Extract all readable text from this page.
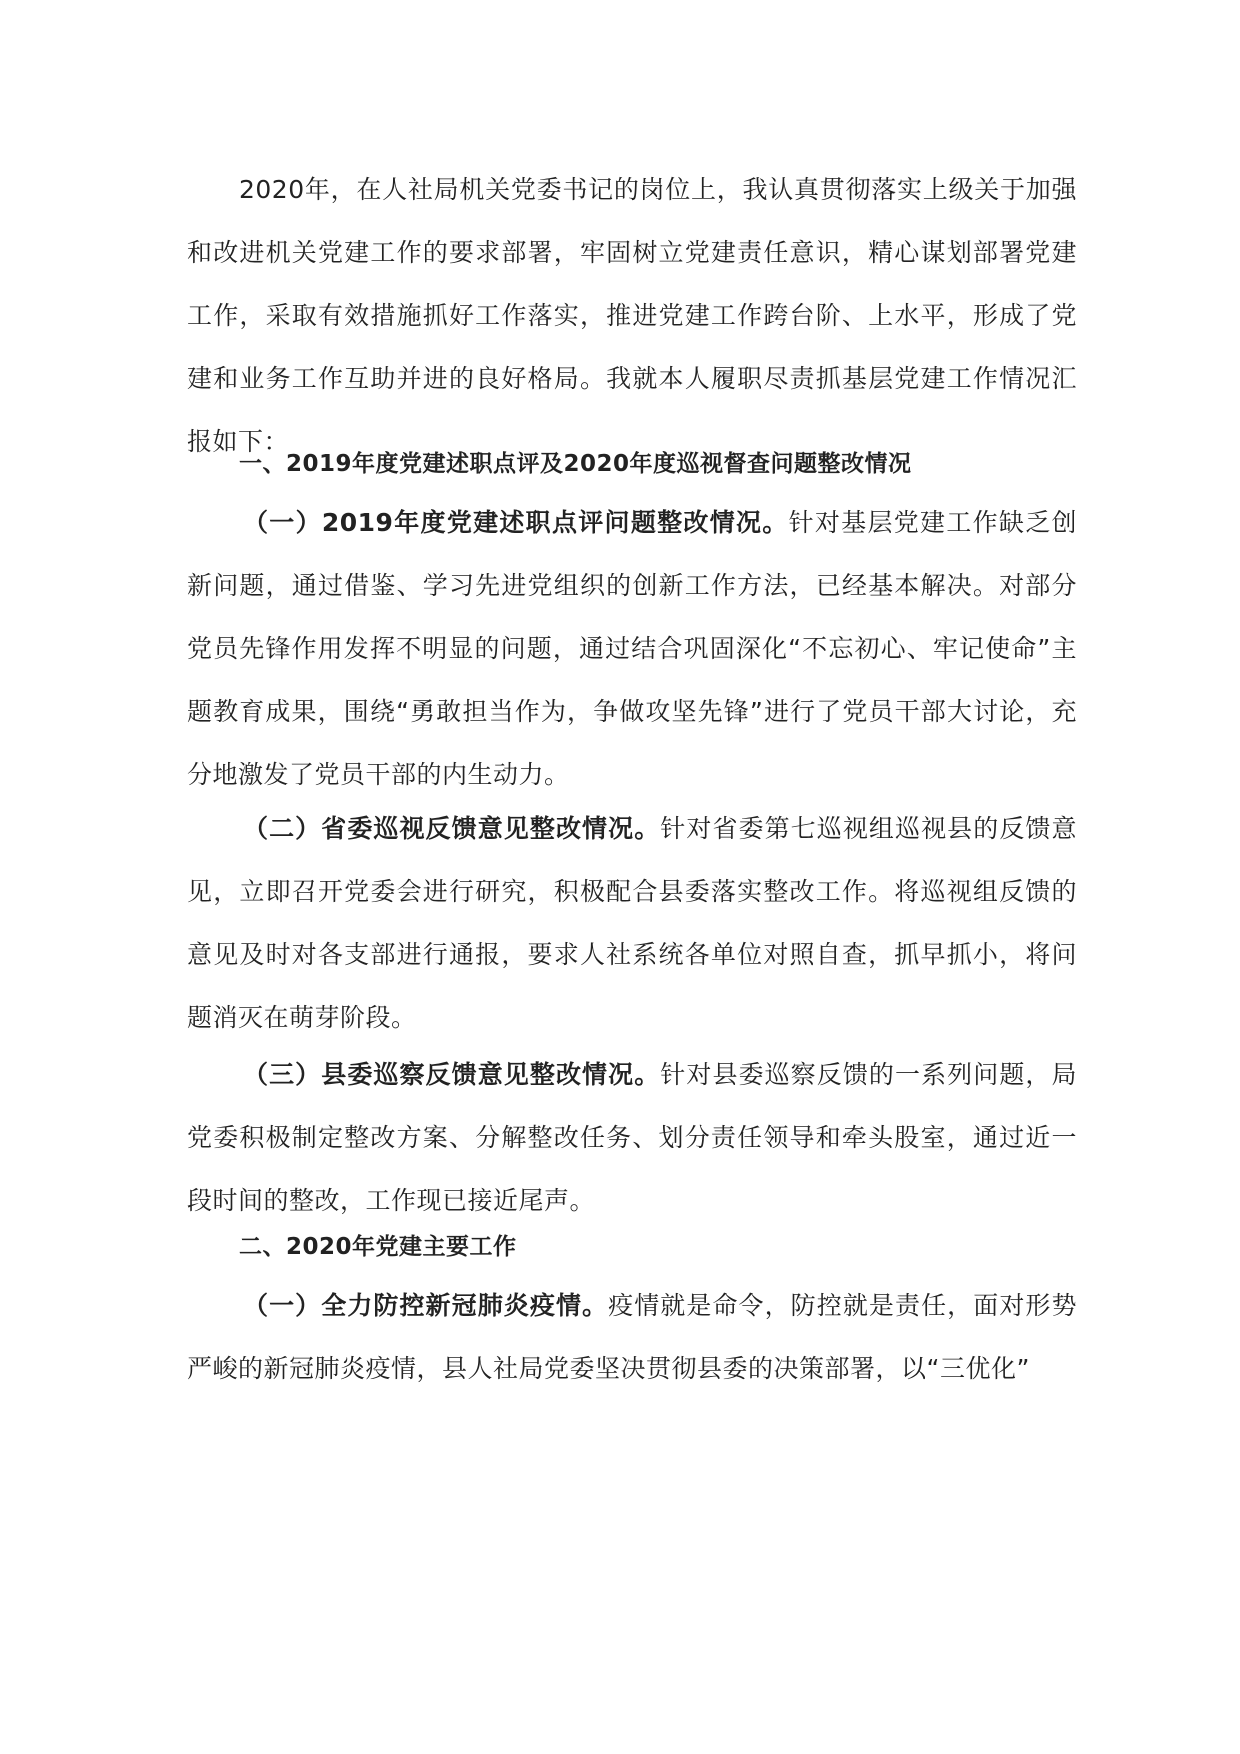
2020年，在人社局机关党委书记的岗位上，我认真贯彻落实上级关于加强和改进机关党建工作的要求部署，牢固树立党建责任意识，精心谋划部署党建工作，采取有效措施抓好工作落实，推进党建工作跨台阶、上水平，形成了党建和业务工作互助并进的良好格局。我就本人履职尽责抓基层党建工作情况汇报如下：

一、2019年度党建述职点评及2020年度巡视督查问题整改情况

（一）2019年度党建述职点评问题整改情况。针对基层党建工作缺乏创新问题，通过借鉴、学习先进党组织的创新工作方法，已经基本解决。对部分党员先锋作用发挥不明显的问题，通过结合巩固深化“不忘初心、牢记使命”主题教育成果，围绕“勇敢担当作为，争做攻坚先锋”进行了党员干部大讨论，充分地激发了党员干部的内生动力。

（二）省委巡视反馈意见整改情况。针对省委第七巡视组巡视县的反馈意见，立即召开党委会进行研究，积极配合县委落实整改工作。将巡视组反馈的意见及时对各支部进行通报，要求人社系统各单位对照自查，抓早抓小，将问题消灭在萌芽阶段。

（三）县委巡察反馈意见整改情况。针对县委巡察反馈的一系列问题，局党委积极制定整改方案、分解整改任务、划分责任领导和牵头股室，通过近一段时间的整改，工作现已接近尾声。

二、2020年党建主要工作

（一）全力防控新冠肺炎疫情。疫情就是命令，防控就是责任，面对形势严峻的新冠肺炎疫情，县人社局党委坚决贯彻县委的决策部署，以“三优化”
